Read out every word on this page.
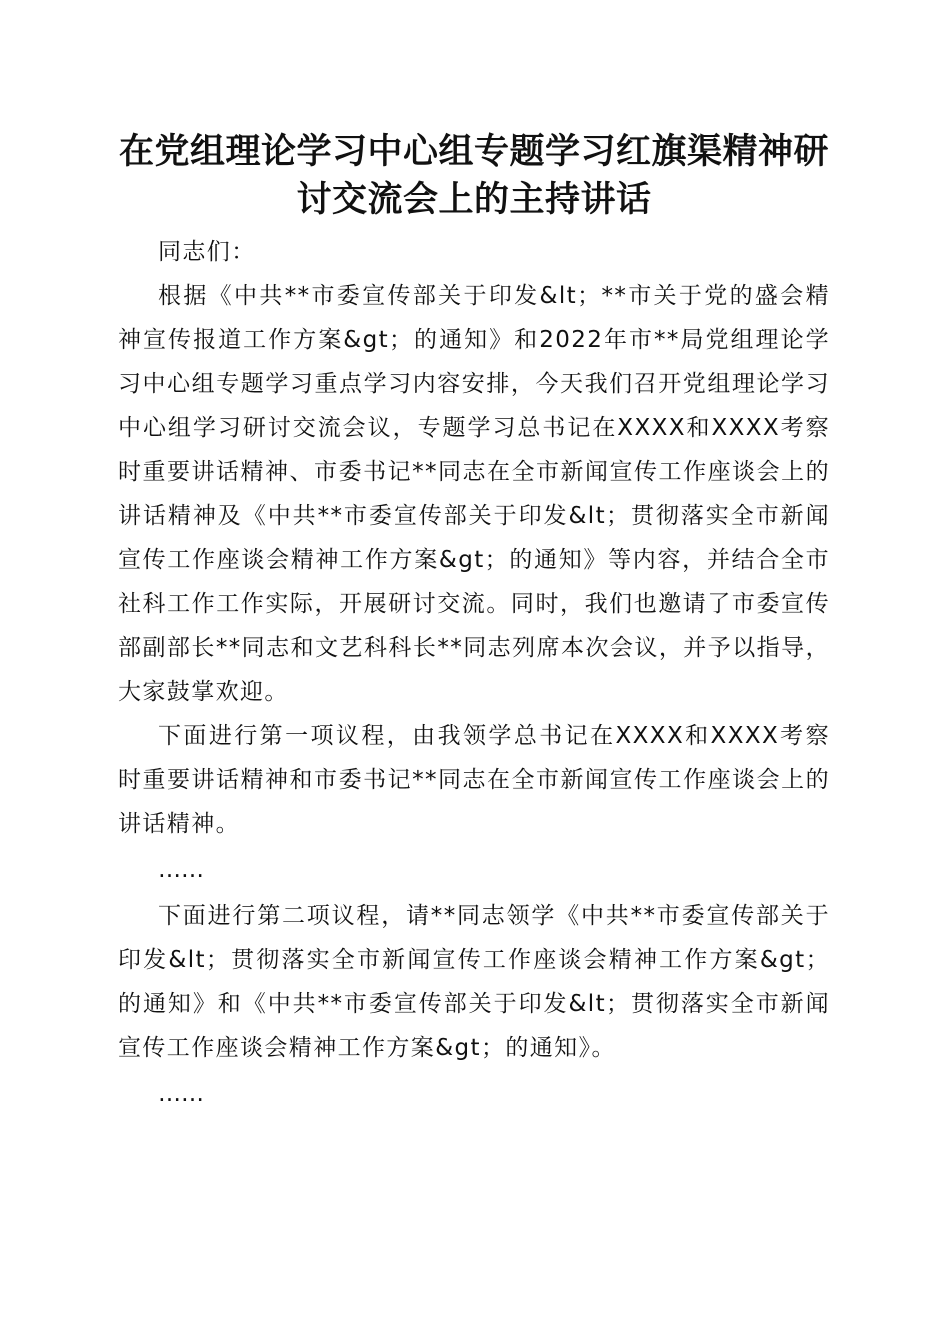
在党组理论学习中心组专题学习红旗渠精神研
讨交流会上的主持讲话

同志们：

根据《中共**市委宣传部关于印发&lt；**市关于党的盛会精神宣传报道工作方案&gt；的通知》和2022年市**局党组理论学习中心组专题学习重点学习内容安排，今天我们召开党组理论学习中心组学习研讨交流会议，专题学习总书记在XXXX和XXXX考察时重要讲话精神、市委书记**同志在全市新闻宣传工作座谈会上的讲话精神及《中共**市委宣传部关于印发&lt；贯彻落实全市新闻宣传工作座谈会精神工作方案&gt；的通知》等内容，并结合全市社科工作工作实际，开展研讨交流。同时，我们也邀请了市委宣传部副部长**同志和文艺科科长**同志列席本次会议，并予以指导，大家鼓掌欢迎。

下面进行第一项议程，由我领学总书记在XXXX和XXXX考察时重要讲话精神和市委书记**同志在全市新闻宣传工作座谈会上的讲话精神。

……

下面进行第二项议程，请**同志领学《中共**市委宣传部关于印发&lt；贯彻落实全市新闻宣传工作座谈会精神工作方案&gt；的通知》和《中共**市委宣传部关于印发&lt；贯彻落实全市新闻宣传工作座谈会精神工作方案&gt；的通知》。

……
